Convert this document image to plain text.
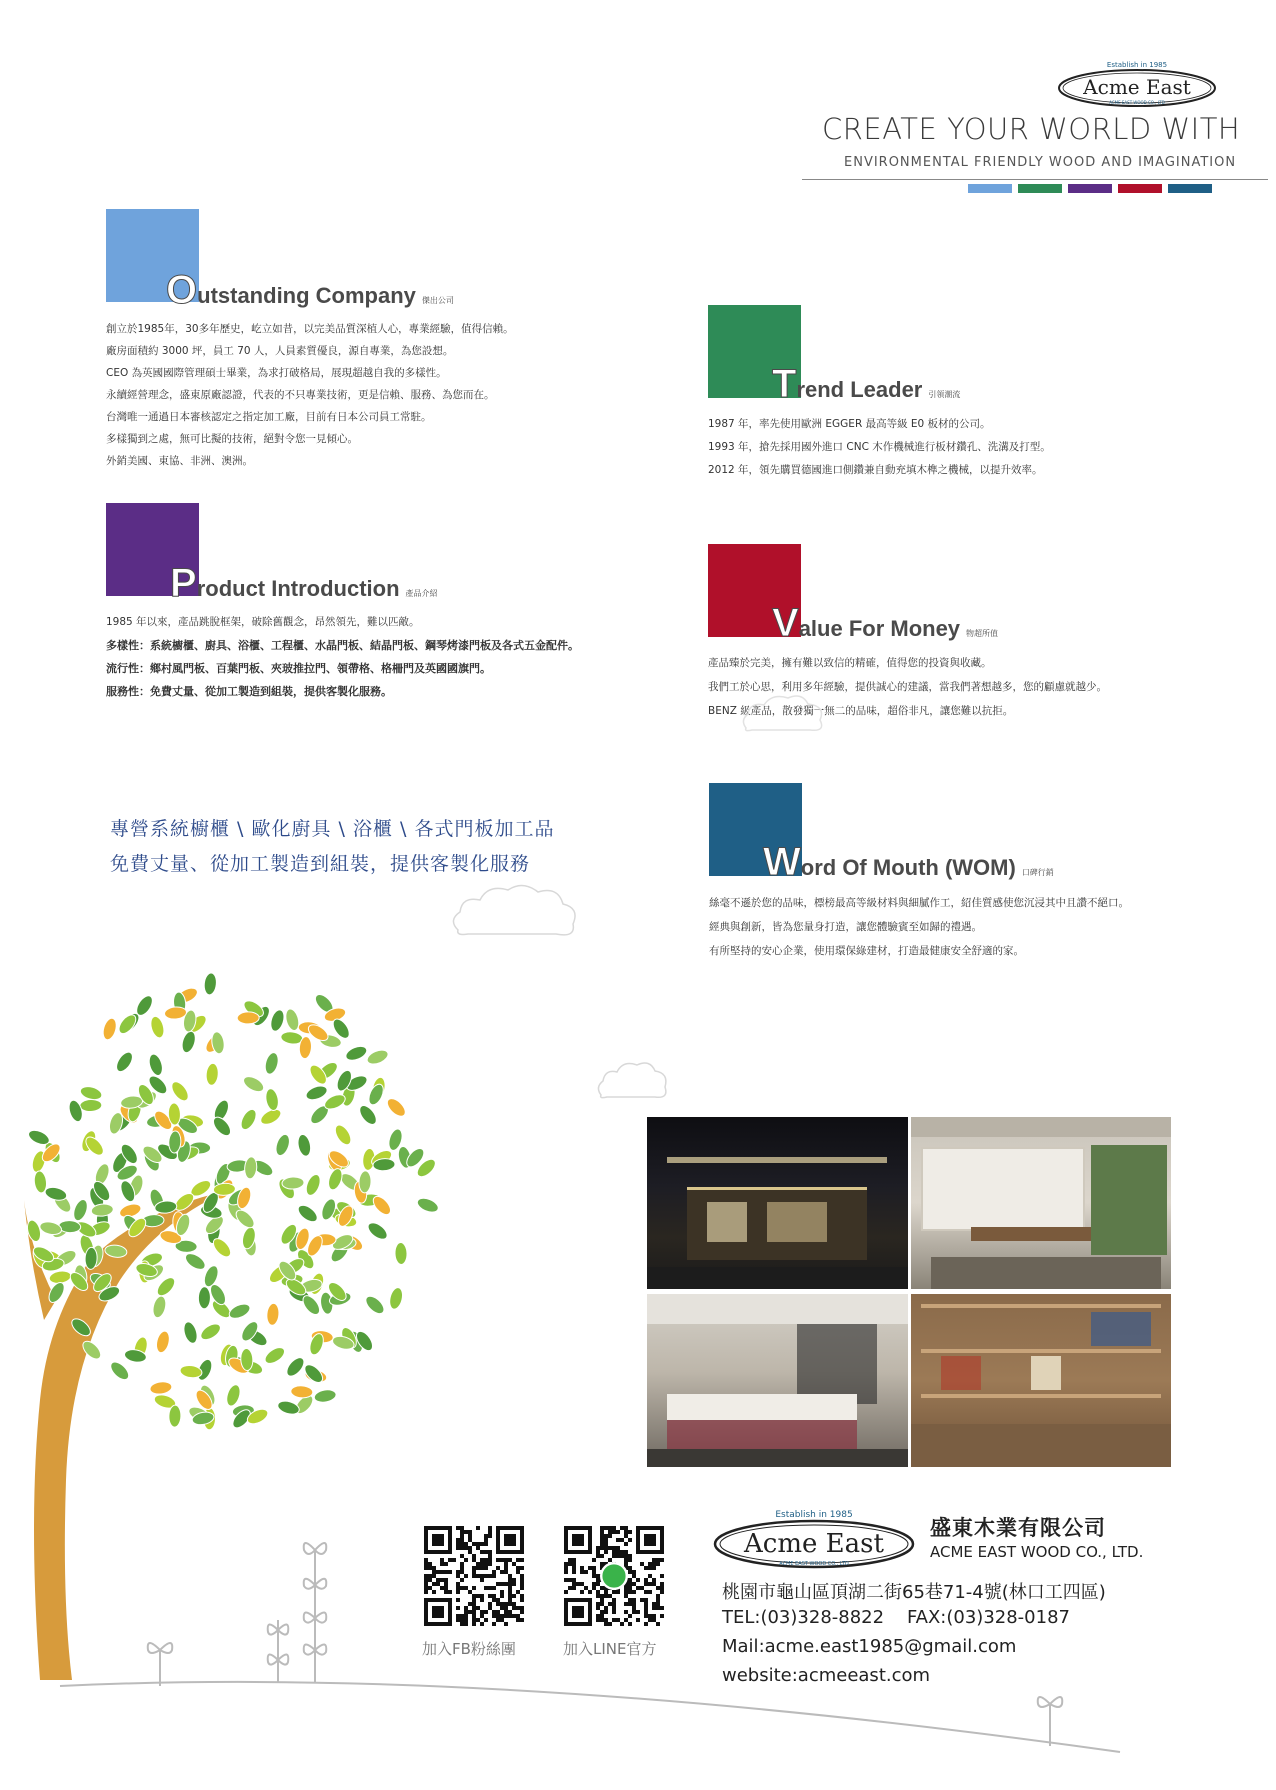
Establish in 1985
Acme East
ACME EAST WOOD CO., LTD
CREATE YOUR WORLD WITH
ENVIRONMENTAL FRIENDLY WOOD AND IMAGINATION
Outstanding Company 傑出公司
創立於1985年，30多年歷史，屹立如昔，以完美品質深植人心，專業經驗，值得信賴。
廠房面積約 3000 坪，員工 70 人，人員素質優良，源自專業，為您設想。
CEO 為英國國際管理碩士畢業，為求打破格局，展現超越自我的多樣性。
永續經營理念，盛東原廠認證，代表的不只專業技術，更是信賴、服務、為您而在。
台灣唯一通過日本審核認定之指定加工廠，目前有日本公司員工常駐。
多樣獨到之處，無可比擬的技術，絕對令您一見傾心。
外銷美國、東協、非洲、澳洲。
Trend Leader 引領潮流
1987 年，率先使用歐洲 EGGER 最高等級 E0 板材的公司。
1993 年，搶先採用國外進口 CNC 木作機械進行板材鑽孔、洗溝及打型。
2012 年，領先購買德國進口側鑽兼自動充填木榫之機械，以提升效率。
Product Introduction 產品介紹
1985 年以來，產品跳脫框架，破除舊觀念，昂然領先，難以匹敵。
多樣性：系統櫥櫃、廚具、浴櫃、工程櫃、水晶門板、結晶門板、鋼琴烤漆門板及各式五金配件。
流行性：鄉村風門板、百葉門板、夾玻推拉門、領帶格、格柵門及英國國旗門。
服務性：免費丈量、從加工製造到組裝，提供客製化服務。
Value For Money 物超所值
產品臻於完美，擁有難以致信的精確，值得您的投資與收藏。
我們工於心思，利用多年經驗，提供誠心的建議，當我們著想越多，您的顧慮就越少。
BENZ 級產品，散發獨一無二的品味，超俗非凡，讓您難以抗拒。
專營系統櫥櫃 \ 歐化廚具 \ 浴櫃 \ 各式門板加工品
免費丈量、從加工製造到組裝，提供客製化服務	Word Of Mouth (WOM) 口碑行銷
絲毫不遜於您的品味，標榜最高等級材料與細膩作工，紹佳質感使您沉浸其中且讚不絕口。
經典與創新，皆為您量身打造，讓您體驗賓至如歸的禮遇。
有所堅持的安心企業，使用環保綠建材，打造最健康安全舒適的家。
加入FB粉絲團	加入LINE官方
Establish in 1985
Acme East
ACME EAST WOOD CO., LTD
盛東木業有限公司
ACME EAST WOOD CO., LTD.
桃園市龜山區頂湖二街65巷71-4號(林口工四區)
TEL:(03)328-8822    FAX:(03)328-0187
Mail:acme.east1985@gmail.com
website:acmeeast.com
